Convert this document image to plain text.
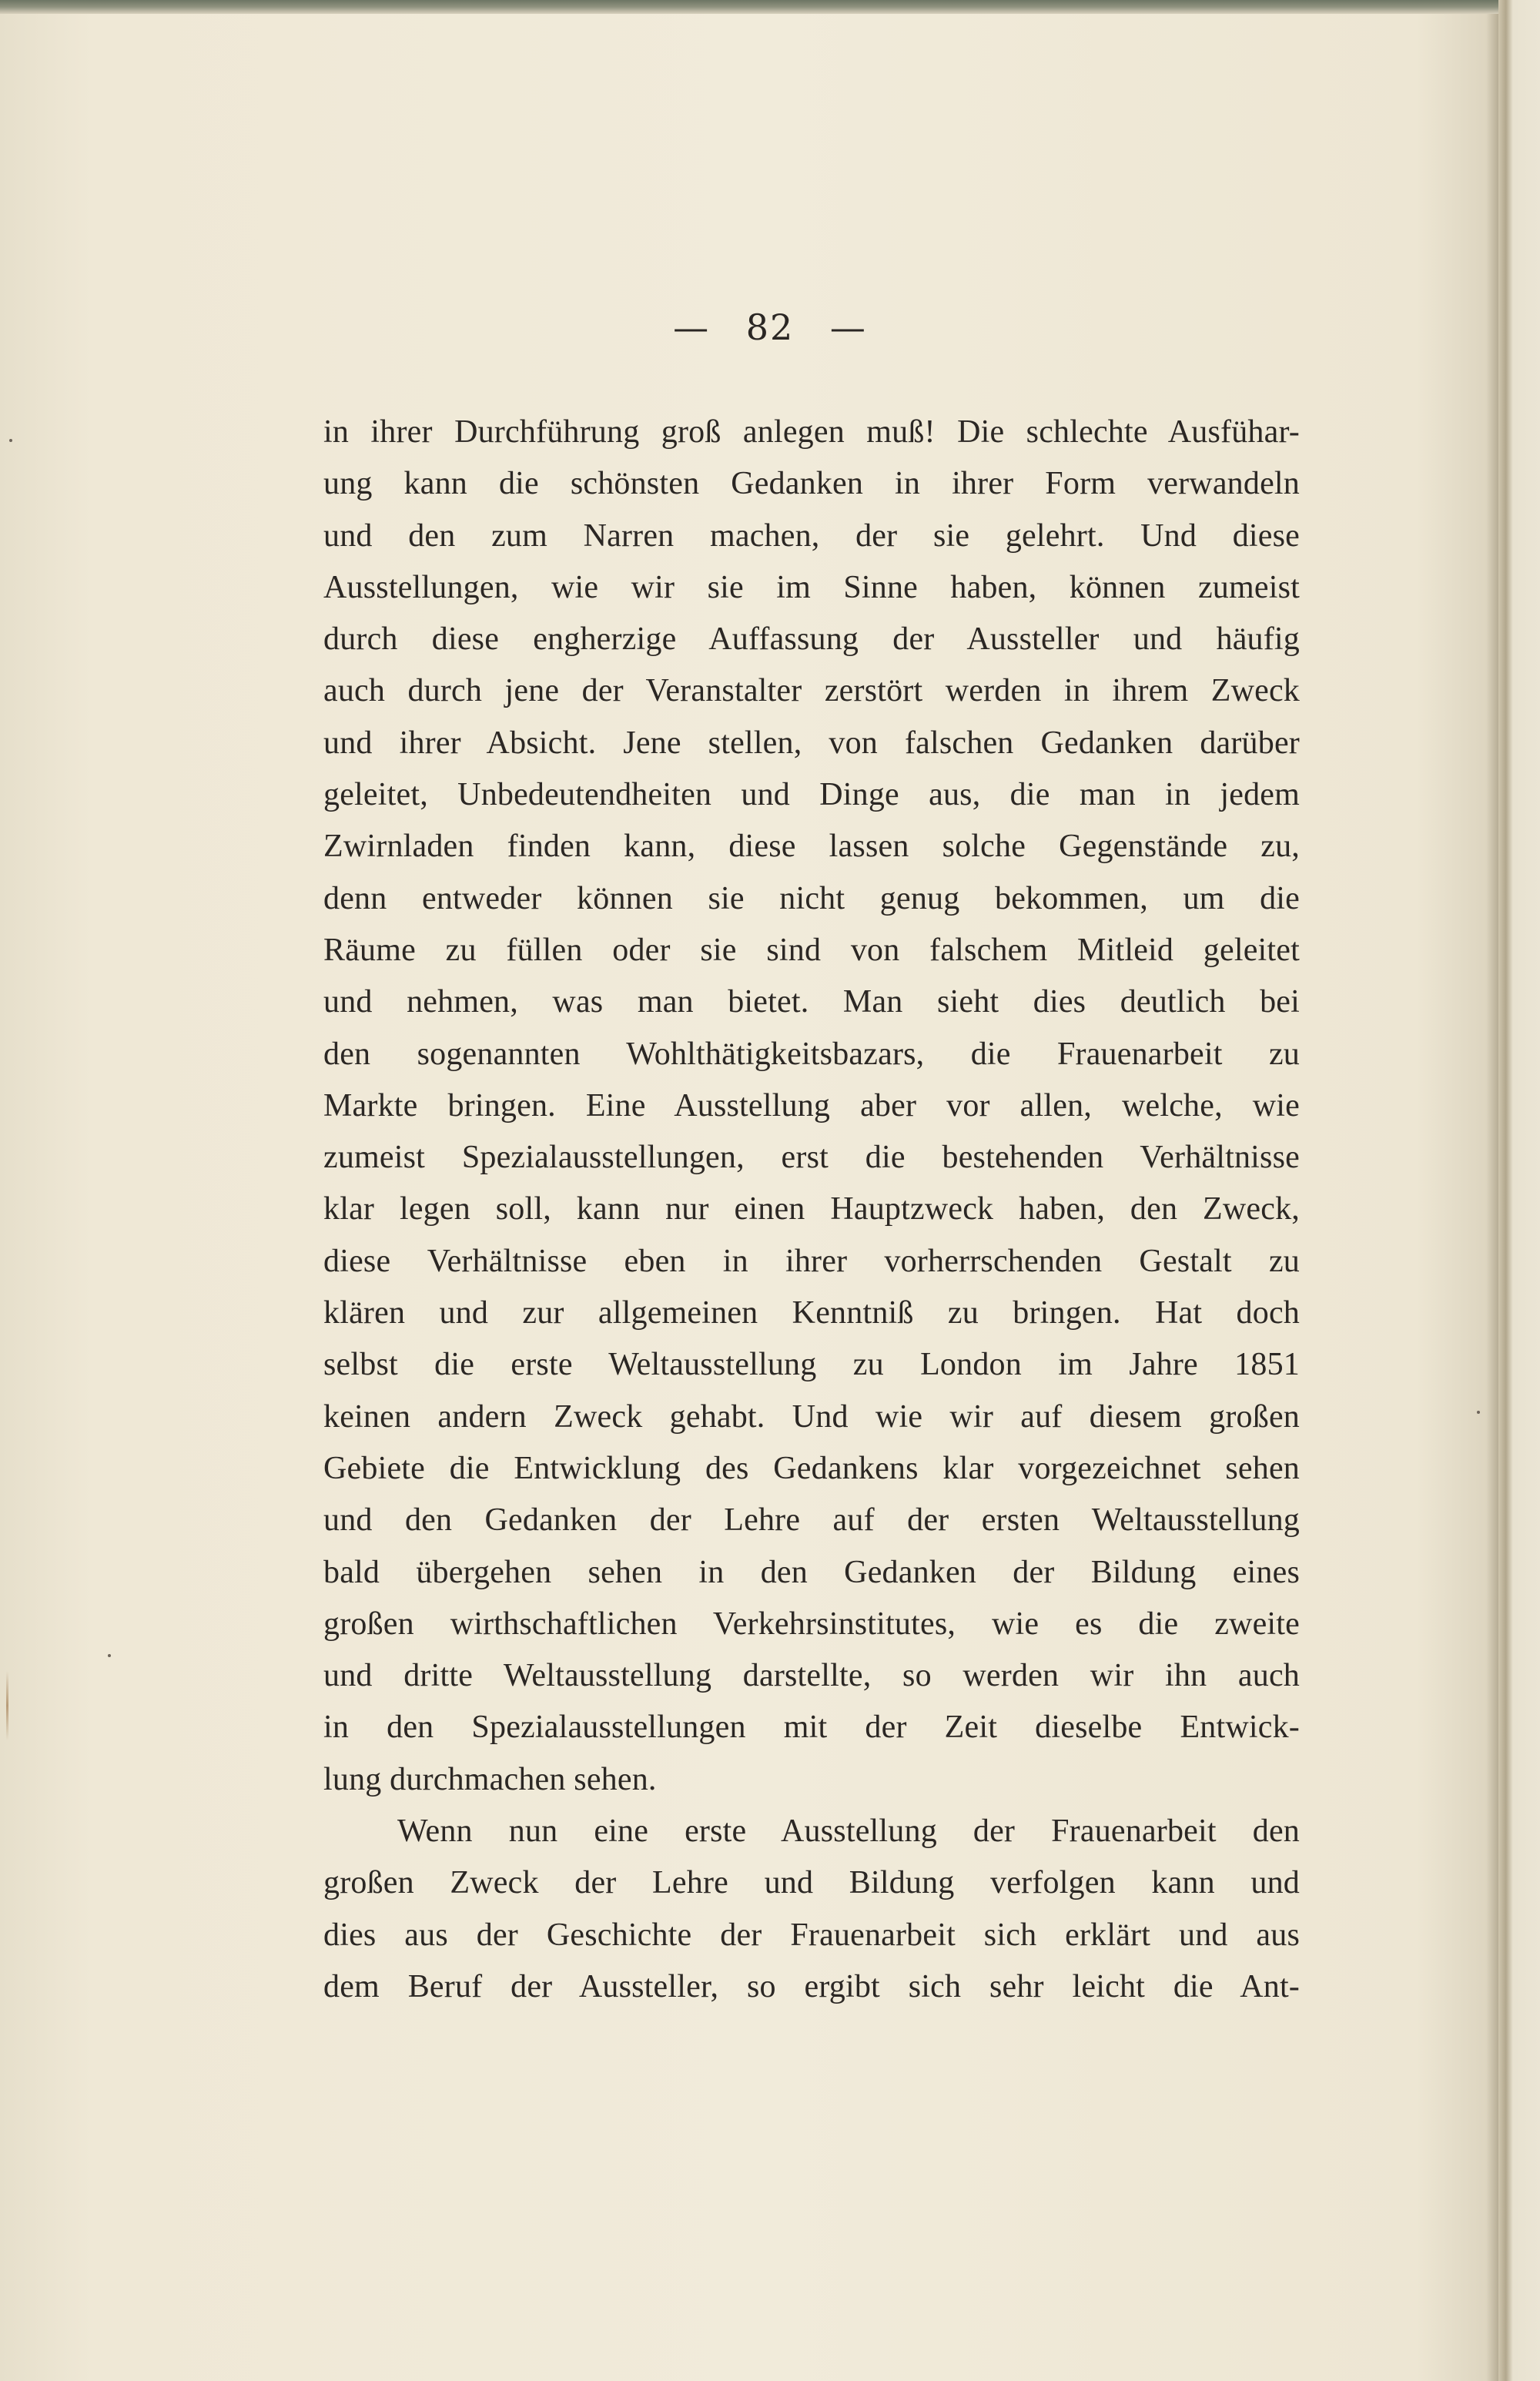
— 82 —
in ihrer Durchführung groß anlegen muß! Die schlechte Ausfühar-
ung kann die schönsten Gedanken in ihrer Form verwandeln
und den zum Narren machen, der sie gelehrt. Und diese
Ausstellungen, wie wir sie im Sinne haben, können zumeist
durch diese engherzige Auffassung der Aussteller und häufig
auch durch jene der Veranstalter zerstört werden in ihrem Zweck
und ihrer Absicht. Jene stellen, von falschen Gedanken darüber
geleitet, Unbedeutendheiten und Dinge aus, die man in jedem
Zwirnladen finden kann, diese lassen solche Gegenstände zu,
denn entweder können sie nicht genug bekommen, um die
Räume zu füllen oder sie sind von falschem Mitleid geleitet
und nehmen, was man bietet. Man sieht dies deutlich bei
den sogenannten Wohlthätigkeitsbazars, die Frauenarbeit zu
Markte bringen. Eine Ausstellung aber vor allen, welche, wie
zumeist Spezialausstellungen, erst die bestehenden Verhältnisse
klar legen soll, kann nur einen Hauptzweck haben, den Zweck,
diese Verhältnisse eben in ihrer vorherrschenden Gestalt zu
klären und zur allgemeinen Kenntniß zu bringen. Hat doch
selbst die erste Weltausstellung zu London im Jahre 1851
keinen andern Zweck gehabt. Und wie wir auf diesem großen
Gebiete die Entwicklung des Gedankens klar vorgezeichnet sehen
und den Gedanken der Lehre auf der ersten Weltausstellung
bald übergehen sehen in den Gedanken der Bildung eines
großen wirthschaftlichen Verkehrsinstitutes, wie es die zweite
und dritte Weltausstellung darstellte, so werden wir ihn auch
in den Spezialausstellungen mit der Zeit dieselbe Entwick-
lung durchmachen sehen.
Wenn nun eine erste Ausstellung der Frauenarbeit den
großen Zweck der Lehre und Bildung verfolgen kann und
dies aus der Geschichte der Frauenarbeit sich erklärt und aus
dem Beruf der Aussteller, so ergibt sich sehr leicht die Ant-
